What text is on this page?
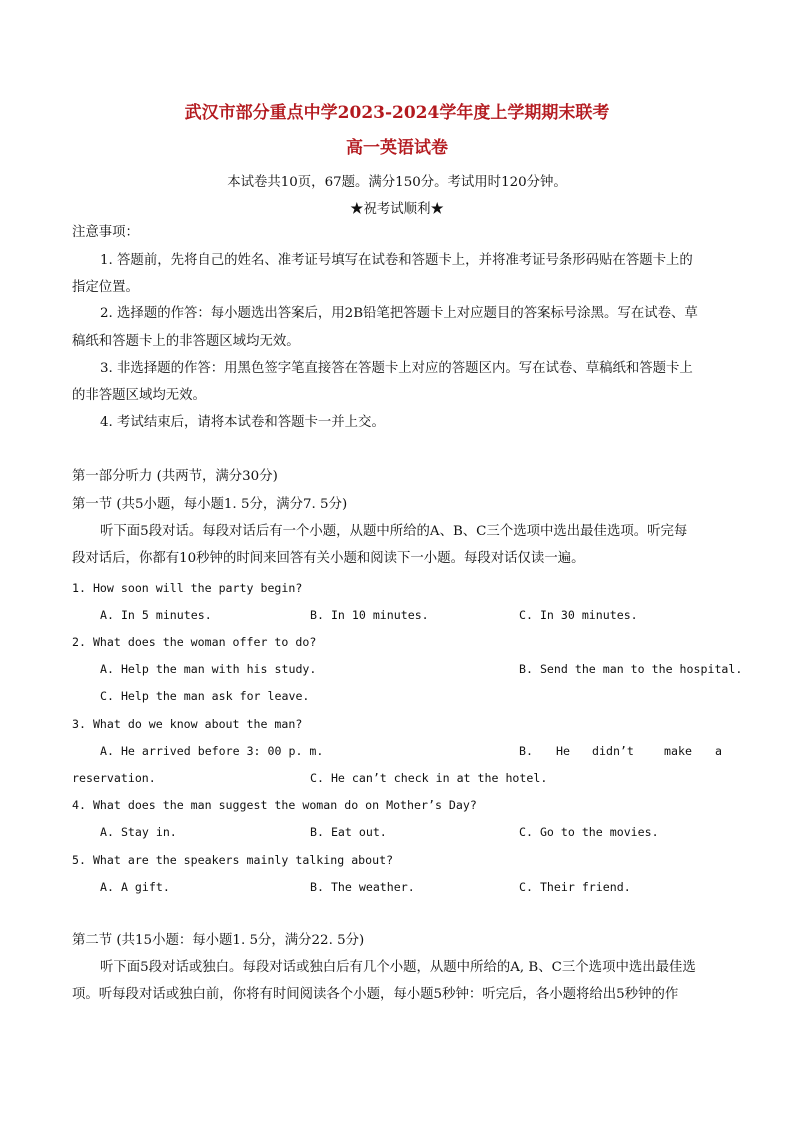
武汉市部分重点中学2023-2024学年度上学期期末联考
高一英语试卷
本试卷共10页，67题。满分150分。考试用时120分钟。
★祝考试顺利★
注意事项：
1. 答题前，先将自己的姓名、准考证号填写在试卷和答题卡上，并将准考证号条形码贴在答题卡上的
指定位置。
2. 选择题的作答：每小题选出答案后，用2B铅笔把答题卡上对应题目的答案标号涂黑。写在试卷、草
稿纸和答题卡上的非答题区域均无效。
3. 非选择题的作答：用黑色签字笔直接答在答题卡上对应的答题区内。写在试卷、草稿纸和答题卡上
的非答题区域均无效。
4. 考试结束后，请将本试卷和答题卡一并上交。
第一部分听力 (共两节，满分30分)
第一节 (共5小题，每小题1. 5分，满分7. 5分)
听下面5段对话。每段对话后有一个小题，从题中所给的A、B、C三个选项中选出最佳选项。听完每
段对话后，你都有10秒钟的时间来回答有关小题和阅读下一小题。每段对话仅读一遍。
1. How soon will the party begin?
A. In 5 minutes.	B. In 10 minutes.	C. In 30 minutes.
2. What does the woman offer to do?
A. Help the man with his study.	B. Send the man to the hospital.
C. Help the man ask for leave.
3. What do we know about the man?
A. He arrived before 3: 00 p. m.	B. He didn’t	make a
reservation.	C. He can’t check in at the hotel.
4. What does the man suggest the woman do on Mother’s Day?
A. Stay in.	B. Eat out.	C. Go to the movies.
5. What are the speakers mainly talking about?
A. A gift.	B. The weather.	C. Their friend.
第二节 (共15小题：每小题1. 5分，满分22. 5分)
听下面5段对话或独白。每段对话或独白后有几个小题，从题中所给的A, B、C三个选项中选出最佳选
项。听每段对话或独白前，你将有时间阅读各个小题，每小题5秒钟：听完后，各小题将给出5秒钟的作
